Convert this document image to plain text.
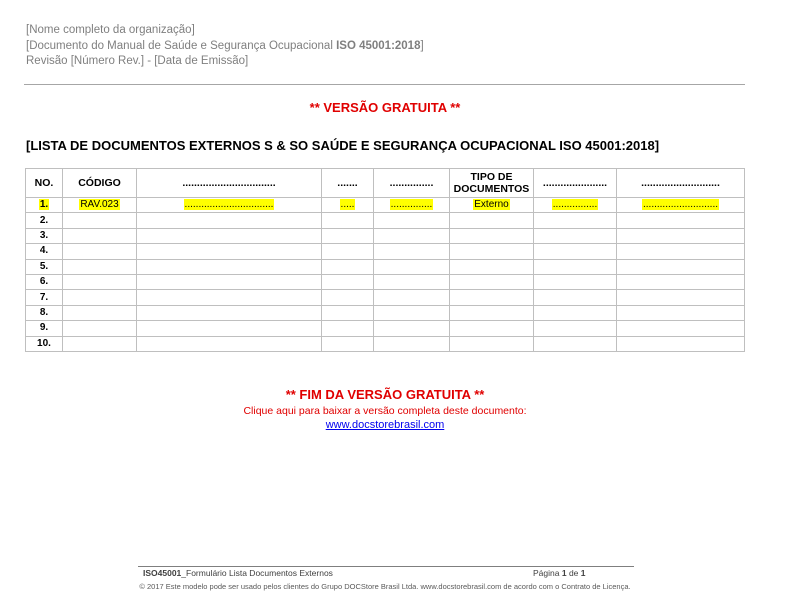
[Nome completo da organização]
[Documento do Manual de Saúde e Segurança Ocupacional ISO 45001:2018]
Revisão [Número Rev.] - [Data de Emissão]
** VERSÃO GRATUITA **
[LISTA DE DOCUMENTOS EXTERNOS S & SO SAÚDE E SEGURANÇA OCUPACIONAL ISO 45001:2018]
NO.	CÓDIGO	................................	.......	...............	TIPO DE DOCUMENTOS	......................	...........................
1.	RAV.023	................................	.....	...............	Externo	................	...........................
2.							
3.							
4.							
5.							
6.							
7.							
8.							
9.							
10.							
** FIM DA VERSÃO GRATUITA **
Clique aqui para baixar a versão completa deste documento:
www.docstorebrasil.com
ISO45001_Formulário Lista Documentos Externos	Página 1 de 1
© 2017 Este modelo pode ser usado pelos clientes do Grupo DOCStore Brasil Ltda. www.docstorebrasil.com de acordo com o Contrato de Licença.
